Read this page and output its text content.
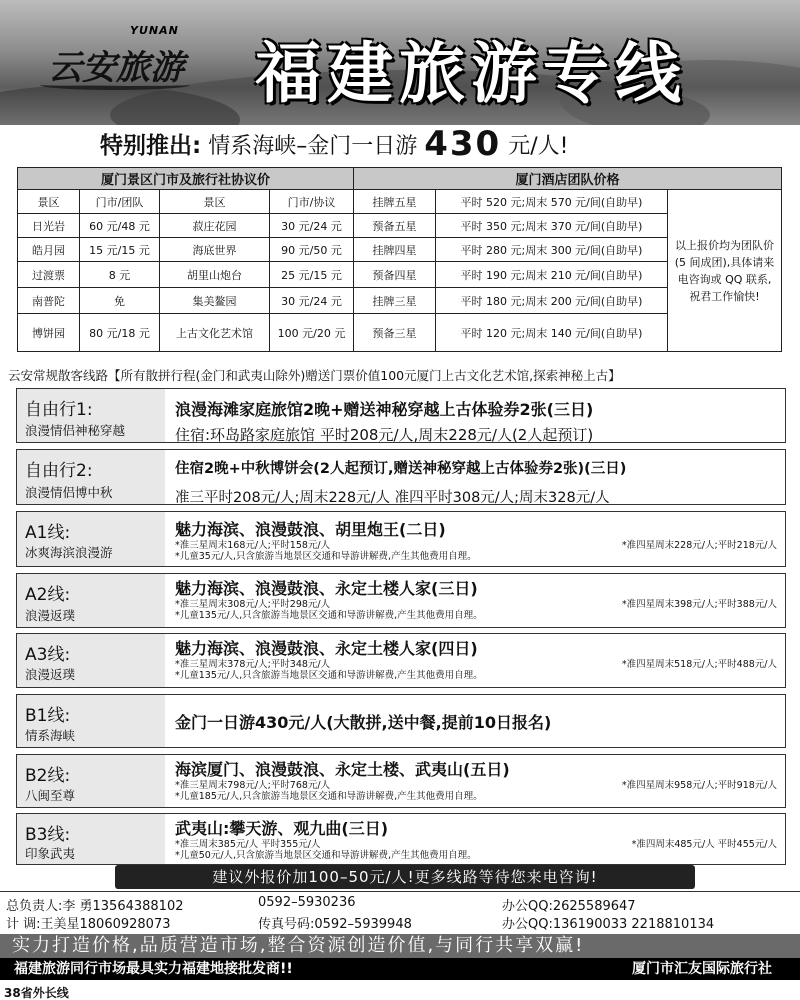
YUNAN
云安旅游 福建旅游专线
特别推出: 情系海峡–金门一日游 430 元/人!
厦门景区门市及旅行社协议价				厦门酒店团队价格		
景区	门市/团队	景区	门市/协议	挂牌五星	平时 520 元;周末 570 元/间(自助早)	以上报价均为团队价(5 间成团),具体请来电咨询或 QQ 联系,祝君工作愉快!
日光岩	60 元/48 元	菽庄花园	30 元/24 元	预备五星	平时 350 元;周末 370 元/间(自助早)	
皓月园	15 元/15 元	海底世界	90 元/50 元	挂牌四星	平时 280 元;周末 300 元/间(自助早)	
过渡票	8 元	胡里山炮台	25 元/15 元	预备四星	平时 190 元;周末 210 元/间(自助早)	
南普陀	免	集美鳌园	30 元/24 元	挂牌三星	平时 180 元;周末 200 元/间(自助早)	
博饼园	80 元/18 元	上古文化艺术馆	100 元/20 元	预备三星	平时 120 元;周末 140 元/间(自助早)	
云安常规散客线路【所有散拼行程(金门和武夷山除外)赠送门票价值100元厦门上古文化艺术馆,探索神秘上古】
自由行1:
浪漫情侣神秘穿越
浪漫海滩家庭旅馆2晚+赠送神秘穿越上古体验券2张(三日)
住宿:环岛路家庭旅馆 平时208元/人,周末228元/人(2人起预订)
自由行2:
浪漫情侣博中秋
住宿2晚+中秋博饼会(2人起预订,赠送神秘穿越上古体验券2张)(三日)
准三平时208元/人;周末228元/人 准四平时308元/人;周末328元/人
A1线:
冰爽海滨浪漫游
魅力海滨、浪漫鼓浪、胡里炮王(二日)
*准三星周末168元/人;平时158元/人	*准四星周末228元/人;平时218元/人
*儿童35元/人,只含旅游当地景区交通和导游讲解费,产生其他费用自理。
A2线:
浪漫返璞
魅力海滨、浪漫鼓浪、永定土楼人家(三日)
*准三星周末308元/人;平时298元/人	*准四星周末398元/人;平时388元/人
*儿童135元/人,只含旅游当地景区交通和导游讲解费,产生其他费用自理。
A3线:
浪漫返璞
魅力海滨、浪漫鼓浪、永定土楼人家(四日)
*准三星周末378元/人;平时348元/人	*准四星周末518元/人;平时488元/人
*儿童135元/人,只含旅游当地景区交通和导游讲解费,产生其他费用自理。
B1线:
情系海峡
金门一日游430元/人(大散拼,送中餐,提前10日报名)
B2线:
八闽至尊
海滨厦门、浪漫鼓浪、永定土楼、武夷山(五日)
*准三星周末798元/人;平时768元/人	*准四星周末958元/人;平时918元/人
*儿童185元/人,只含旅游当地景区交通和导游讲解费,产生其他费用自理。
B3线:
印象武夷
武夷山:攀天游、观九曲(三日)
*准三周末385元/人 平时355元/人	*准四周末485元/人 平时455元/人
*儿童50元/人,只含旅游当地景区交通和导游讲解费,产生其他费用自理。
建议外报价加100–50元/人!更多线路等待您来电咨询!
总负责人:李 勇13564388102	0592–5930236	办公QQ:2625589647
计 调:王美星18060928073	传真号码:0592–5939948	办公QQ:136190033 2218810134
实力打造价格,品质营造市场,整合资源创造价值,与同行共享双赢!
福建旅游同行市场最具实力福建地接批发商!!	厦门市汇友国际旅行社
38省外长线
